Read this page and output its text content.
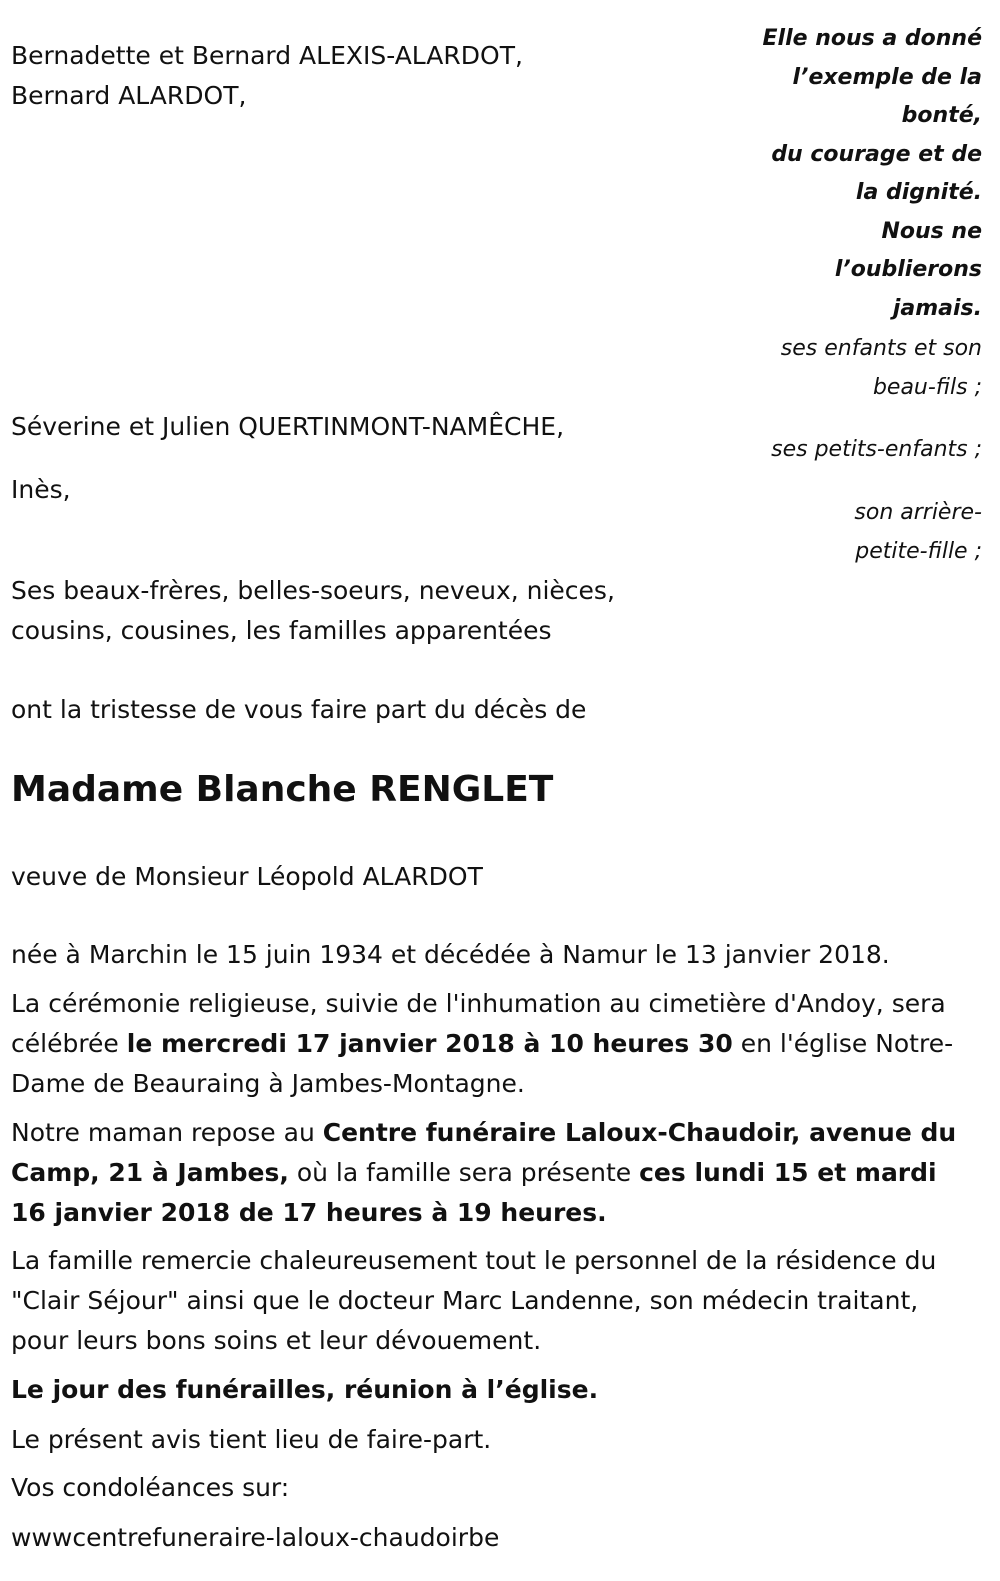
Bernadette et Bernard ALEXIS-ALARDOT,
Bernard ALARDOT,
Elle nous a donné
l’exemple de la
bonté,
du courage et de
la dignité.
Nous ne
l’oublierons
jamais.
ses enfants et son
beau-fils ;
Séverine et Julien QUERTINMONT-NAMÊCHE,
ses petits-enfants ;
Inès,
son arrière-
petite-fille ;
Ses beaux-frères, belles-soeurs, neveux, nièces,
cousins, cousines, les familles apparentées
ont la tristesse de vous faire part du décès de
Madame Blanche RENGLET
veuve de Monsieur Léopold ALARDOT
née à Marchin le 15 juin 1934 et décédée à Namur le 13 janvier 2018.
La cérémonie religieuse, suivie de l'inhumation au cimetière d'Andoy, sera célébrée le mercredi 17 janvier 2018 à 10 heures 30 en l'église Notre-Dame de Beauraing à Jambes-Montagne.
Notre maman repose au Centre funéraire Laloux-Chaudoir, avenue du Camp, 21 à Jambes, où la famille sera présente ces lundi 15 et mardi 16 janvier 2018 de 17 heures à 19 heures.
La famille remercie chaleureusement tout le personnel de la résidence du "Clair Séjour" ainsi que le docteur Marc Landenne, son médecin traitant, pour leurs bons soins et leur dévouement.
Le jour des funérailles, réunion à l’église.
Le présent avis tient lieu de faire-part.
Vos condoléances sur:
wwwcentrefuneraire-laloux-chaudoirbe
